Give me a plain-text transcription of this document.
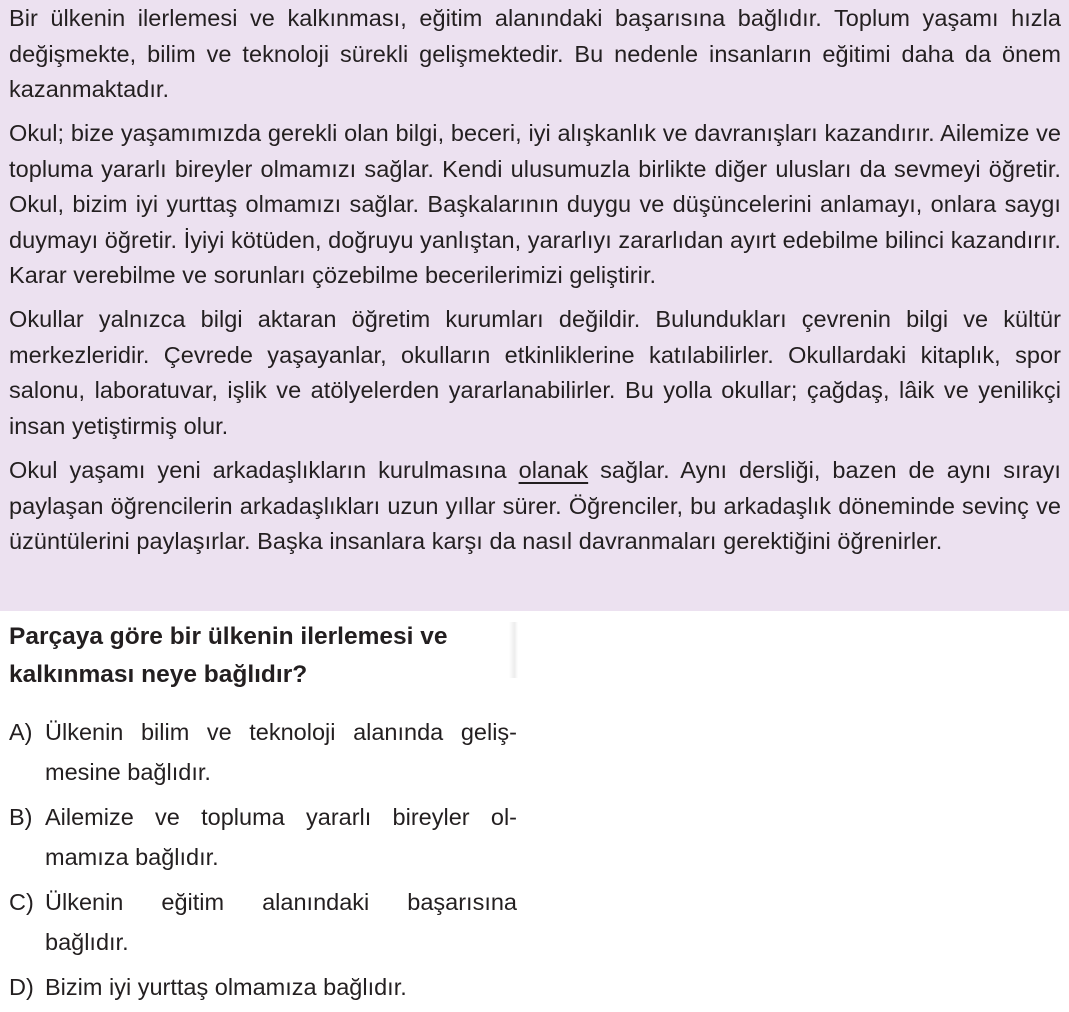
Bir ülkenin ilerlemesi ve kalkınması, eğitim alanındaki başarısına bağlıdır. Toplum yaşamı hızla değişmekte, bilim ve teknoloji sürekli gelişmektedir. Bu nedenle insanların eğitimi daha da önem kazanmaktadır.

Okul; bize yaşamımızda gerekli olan bilgi, beceri, iyi alışkanlık ve davranışları kazandırır. Ailemize ve topluma yararlı bireyler olmamızı sağlar. Kendi ulusumuzla birlikte diğer ulusları da sevmeyi öğretir. Okul, bizim iyi yurttaş olmamızı sağlar. Başkalarının duygu ve düşüncelerini anlamayı, onlara saygı duymayı öğretir. İyiyi kötüden, doğruyu yanlıştan, yararlıyı zararlıdan ayırt edebilme bilinci kazandırır. Karar verebilme ve sorunları çözebilme becerilerimizi geliştirir.

Okullar yalnızca bilgi aktaran öğretim kurumları değildir. Bulundukları çevrenin bilgi ve kültür merkezleridir. Çevrede yaşayanlar, okulların etkinliklerine katılabilirler. Okullardaki kitaplık, spor salonu, laboratuvar, işlik ve atölyelerden yararlanabilirler. Bu yolla okullar; çağdaş, lâik ve yenilikçi insan yetiştirmiş olur.

Okul yaşamı yeni arkadaşlıkların kurulmasına olanak sağlar. Aynı dersliği, bazen de aynı sırayı paylaşan öğrencilerin arkadaşlıkları uzun yıllar sürer. Öğrenciler, bu arkadaşlık döneminde sevinç ve üzüntülerini paylaşırlar. Başka insanlara karşı da nasıl davranmaları gerektiğini öğrenirler.

Parçaya göre bir ülkenin ilerlemesi ve
kalkınması neye bağlıdır?
A) Ülkenin bilim ve teknoloji alanında geliş-
mesine bağlıdır.
B) Ailemize ve topluma yararlı bireyler ol-
mamıza bağlıdır.
C) Ülkenin eğitim alanındaki başarısına
bağlıdır.
D) Bizim iyi yurttaş olmamıza bağlıdır.
